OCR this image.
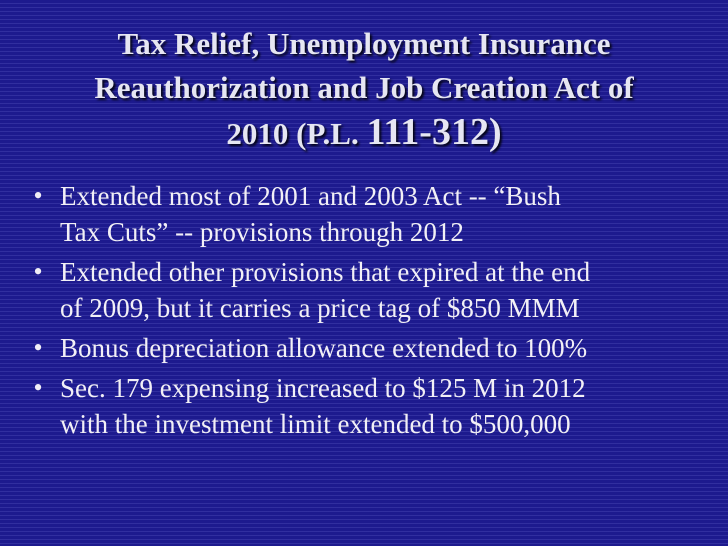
Tax Relief, Unemployment Insurance
Reauthorization and Job Creation Act of
2010 (P.L. 111-312)
• Extended most of 2001 and 2003 Act -- “Bush
Tax Cuts” -- provisions through 2012
• Extended other provisions that expired at the end
of 2009, but it carries a price tag of $850 MMM
• Bonus depreciation allowance extended to 100%
• Sec. 179 expensing increased to $125 M in 2012
with the investment limit extended to $500,000
